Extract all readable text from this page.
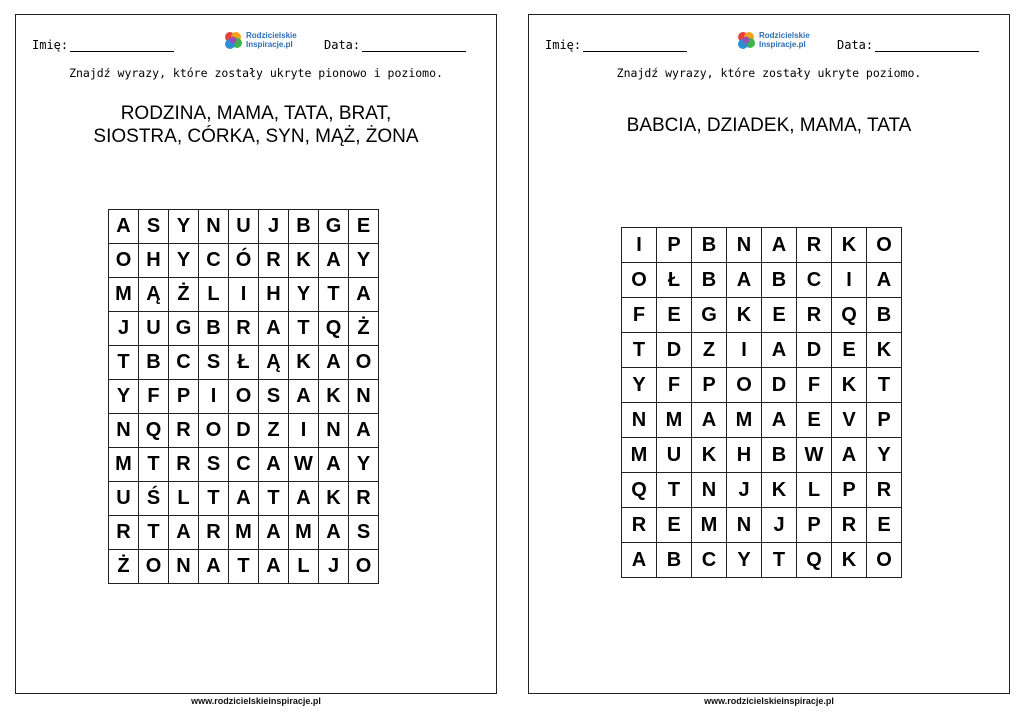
Imię:
Rodzicielskie
Inspiracje.pl	Data:
Znajdź wyrazy, które zostały ukryte pionowo i poziomo.
RODZINA, MAMA, TATA, BRAT,
SIOSTRA, CÓRKA, SYN, MĄŻ, ŻONA
A	S	Y	N	U	J	B	G	E
O	H	Y	C	Ó	R	K	A	Y
M	Ą	Ż	L	I	H	Y	T	A
J	U	G	B	R	A	T	Q	Ż
T	B	C	S	Ł	Ą	K	A	O
Y	F	P	I	O	S	A	K	N
N	Q	R	O	D	Z	I	N	A
M	T	R	S	C	A	W	A	Y
U	Ś	L	T	A	T	A	K	R
R	T	A	R	M	A	M	A	S
Ż	O	N	A	T	A	L	J	O
www.rodzicielskieinspiracje.pl
Imię:
Rodzicielskie
Inspiracje.pl	Data:
Znajdź wyrazy, które zostały ukryte poziomo.
BABCIA, DZIADEK, MAMA, TATA
I	P	B	N	A	R	K	O
O	Ł	B	A	B	C	I	A
F	E	G	K	E	R	Q	B
T	D	Z	I	A	D	E	K
Y	F	P	O	D	F	K	T
N	M	A	M	A	E	V	P
M	U	K	H	B	W	A	Y
Q	T	N	J	K	L	P	R
R	E	M	N	J	P	R	E
A	B	C	Y	T	Q	K	O
www.rodzicielskieinspiracje.pl
